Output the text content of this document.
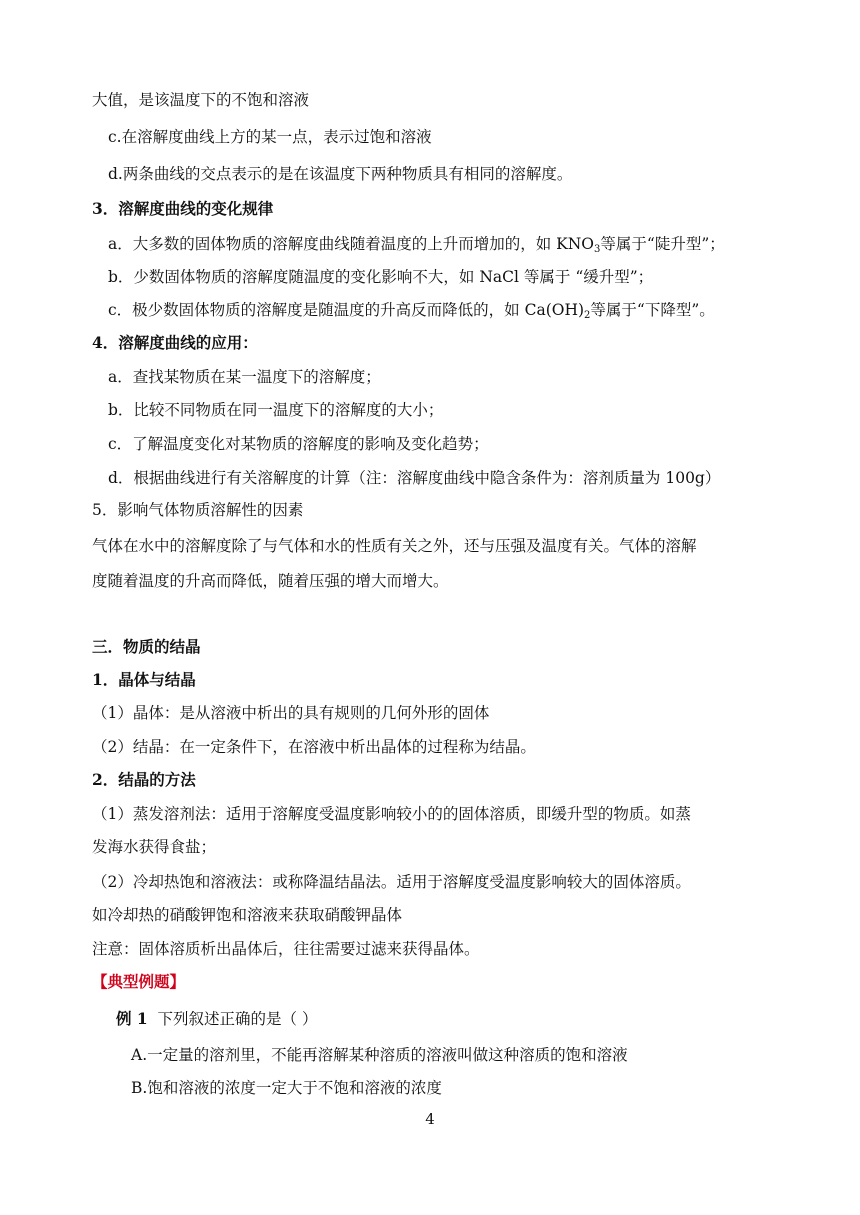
大值，是该温度下的不饱和溶液
c.在溶解度曲线上方的某一点，表示过饱和溶液
d.两条曲线的交点表示的是在该温度下两种物质具有相同的溶解度。
3．溶解度曲线的变化规律
a．大多数的固体物质的溶解度曲线随着温度的上升而增加的，如 $KNO_3$等属于“陡升型”；
b．少数固体物质的溶解度随温度的变化影响不大，如 NaCl 等属于 “缓升型”；
c．极少数固体物质的溶解度是随温度的升高反而降低的，如 $Ca(OH)_2$等属于“下降型”。
4．溶解度曲线的应用：
a．查找某物质在某一温度下的溶解度；
b．比较不同物质在同一温度下的溶解度的大小；
c．了解温度变化对某物质的溶解度的影响及变化趋势；
d．根据曲线进行有关溶解度的计算（注：溶解度曲线中隐含条件为：溶剂质量为 100g）
5．影响气体物质溶解性的因素
气体在水中的溶解度除了与气体和水的性质有关之外，还与压强及温度有关。气体的溶解
度随着温度的升高而降低，随着压强的增大而增大。
三．物质的结晶
1．晶体与结晶
（1）晶体：是从溶液中析出的具有规则的几何外形的固体
（2）结晶：在一定条件下，在溶液中析出晶体的过程称为结晶。
2．结晶的方法
（1）蒸发溶剂法：适用于溶解度受温度影响较小的的固体溶质，即缓升型的物质。如蒸
发海水获得食盐；
（2）冷却热饱和溶液法：或称降温结晶法。适用于溶解度受温度影响较大的固体溶质。
如冷却热的硝酸钾饱和溶液来获取硝酸钾晶体
注意：固体溶质析出晶体后，往往需要过滤来获得晶体。
【典型例题】
例 1 下列叙述正确的是（ ）
A.一定量的溶剂里，不能再溶解某种溶质的溶液叫做这种溶质的饱和溶液
B.饱和溶液的浓度一定大于不饱和溶液的浓度
4
